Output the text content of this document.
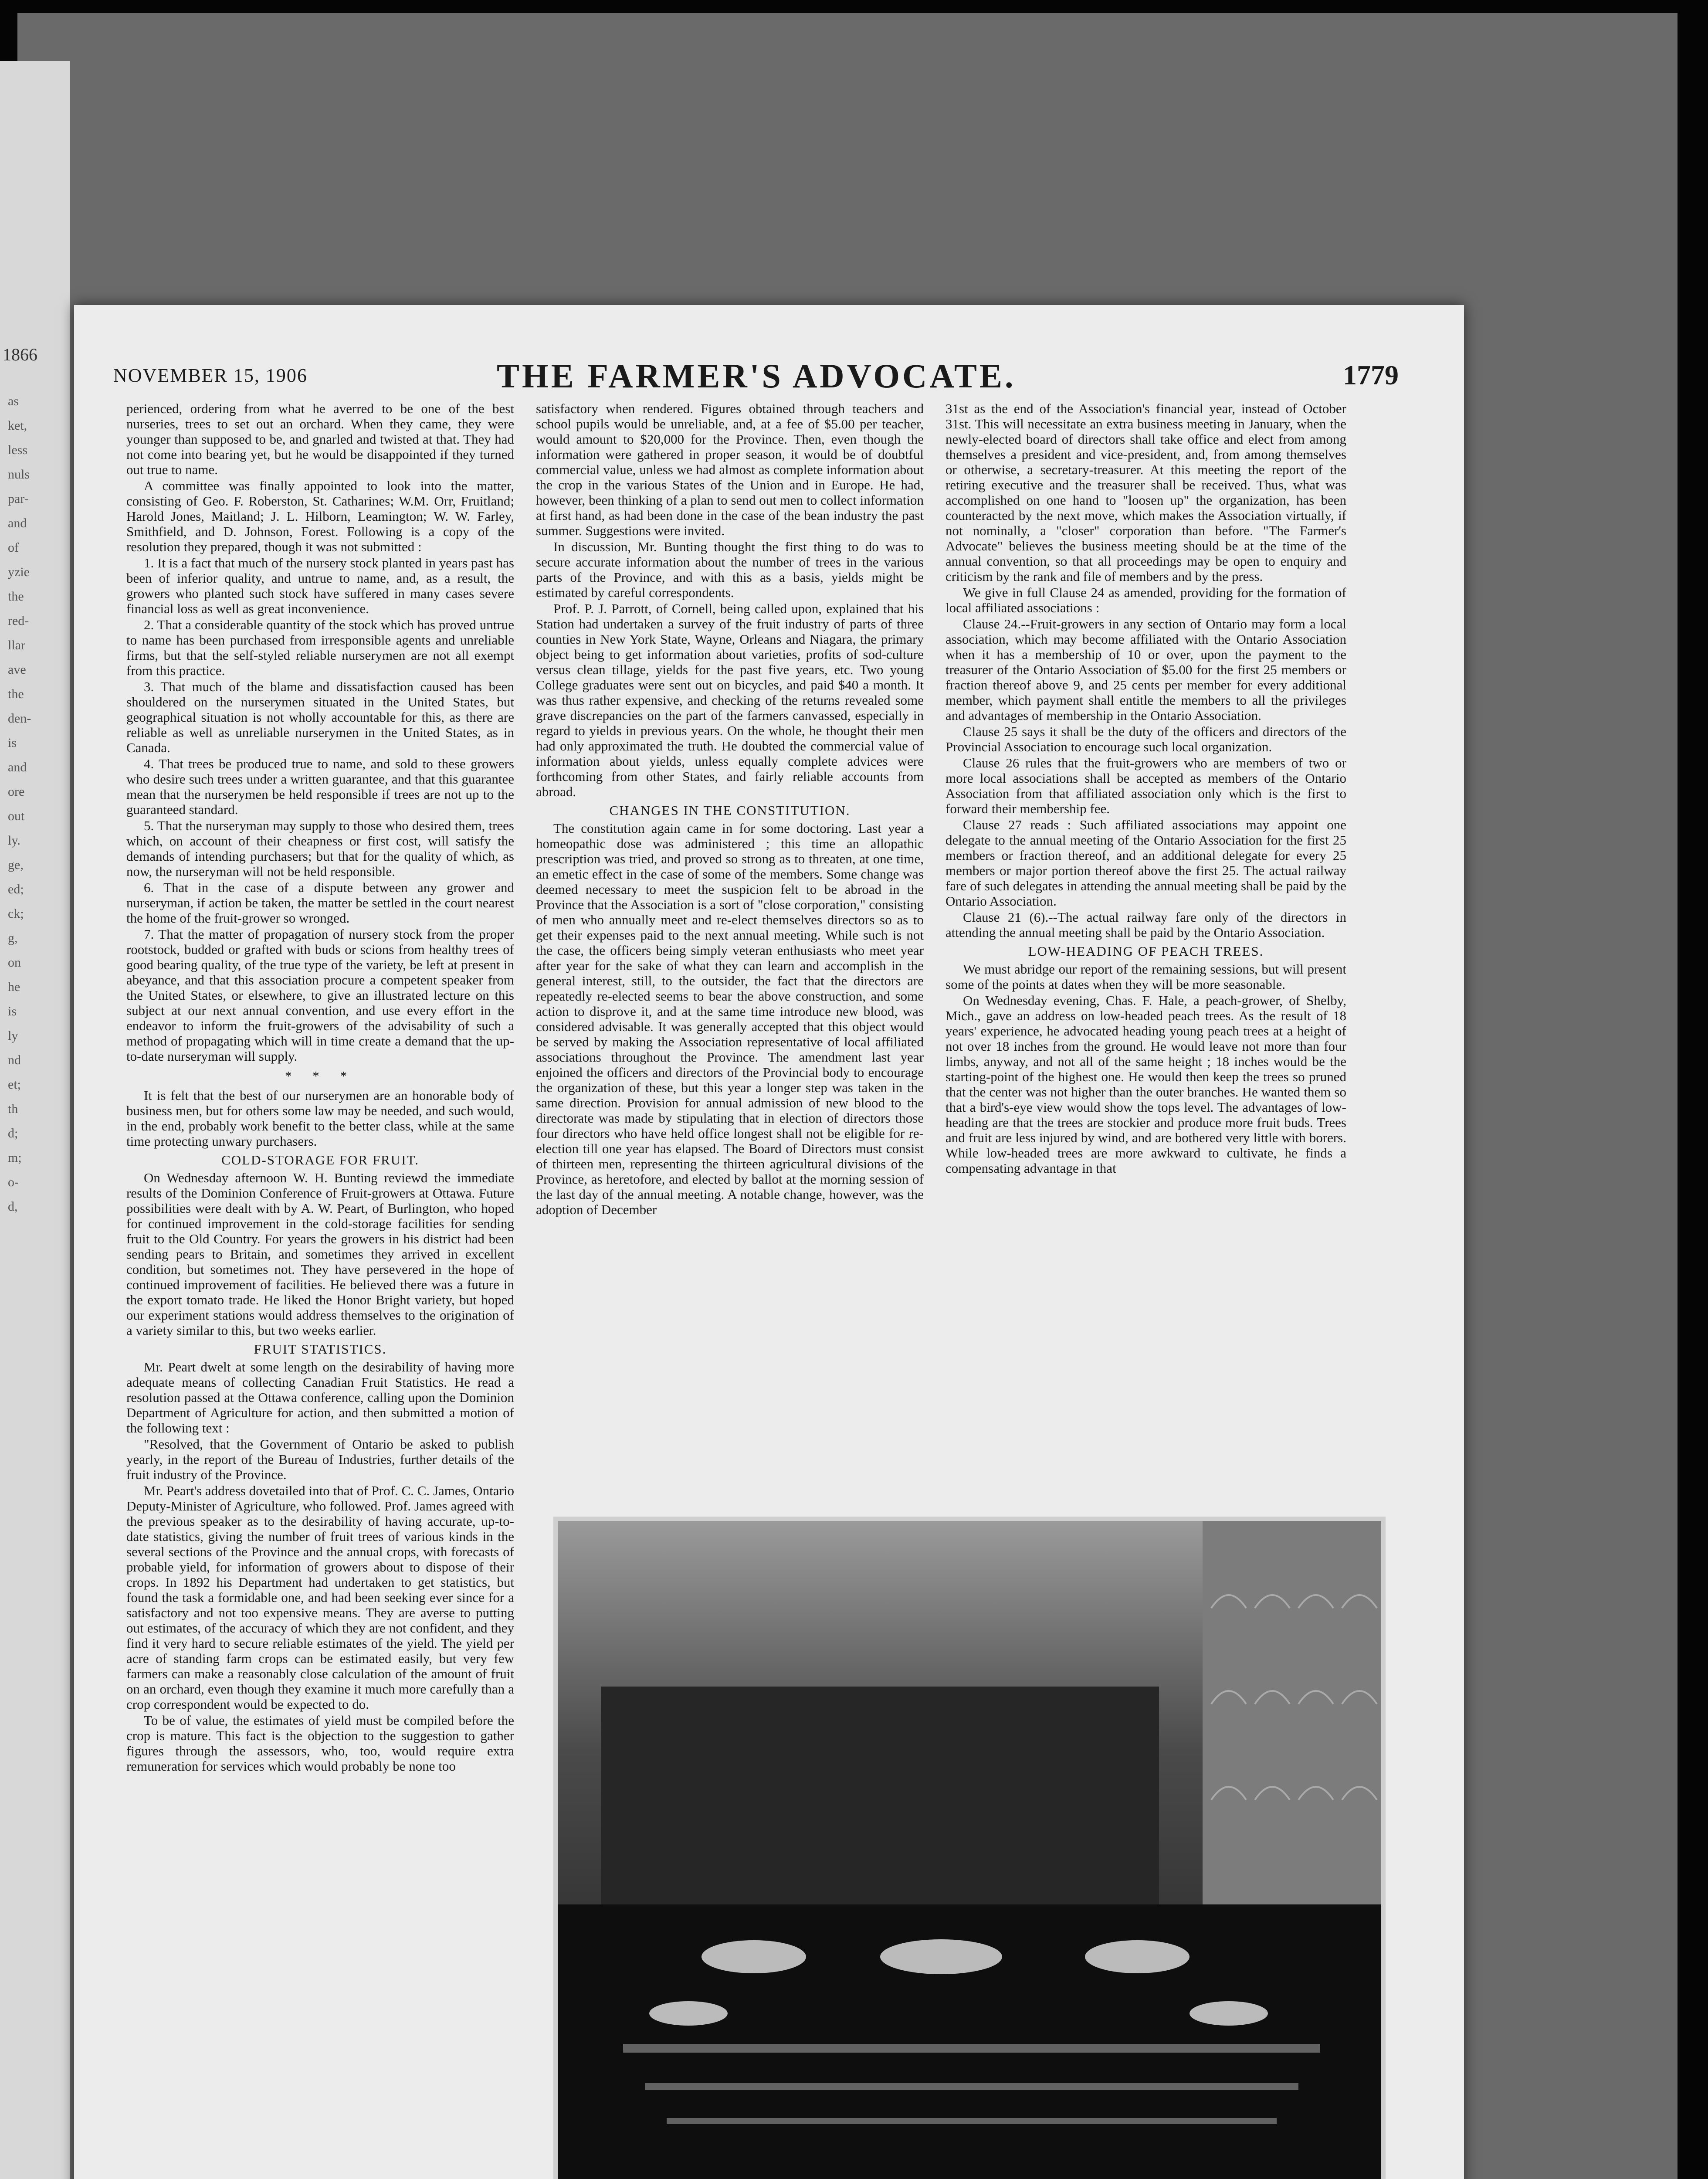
1866
as
ket,
less
nuls
par-
and
of
yzie
the
red-
llar
ave
the
den-
is
and
ore
out
ly.
ge,
ed;
ck;
g,
on
he
is
ly
nd
et;
th
d;
m;
o-
d,
NOVEMBER 15, 1906	THE FARMER'S ADVOCATE.	1779

perienced, ordering from what he averred to be one of the best nurseries, trees to set out an orchard. When they came, they were younger than supposed to be, and gnarled and twisted at that. They had not come into bearing yet, but he would be disappointed if they turned out true to name.

A committee was finally appointed to look into the matter, consisting of Geo. F. Roberston, St. Catharines; W.M. Orr, Fruitland; Harold Jones, Maitland; J. L. Hilborn, Leamington; W. W. Farley, Smithfield, and D. Johnson, Forest. Following is a copy of the resolution they prepared, though it was not submitted :

1. It is a fact that much of the nursery stock planted in years past has been of inferior quality, and untrue to name, and, as a result, the growers who planted such stock have suffered in many cases severe financial loss as well as great inconvenience.

2. That a considerable quantity of the stock which has proved untrue to name has been purchased from irresponsible agents and unreliable firms, but that the self-styled reliable nurserymen are not all exempt from this practice.

3. That much of the blame and dissatisfaction caused has been shouldered on the nurserymen situated in the United States, but geographical situation is not wholly accountable for this, as there are reliable as well as unreliable nurserymen in the United States, as in Canada.

4. That trees be produced true to name, and sold to these growers who desire such trees under a written guarantee, and that this guarantee mean that the nurserymen be held responsible if trees are not up to the guaranteed standard.

5. That the nurseryman may supply to those who desired them, trees which, on account of their cheapness or first cost, will satisfy the demands of intending purchasers; but that for the quality of which, as now, the nurseryman will not be held responsible.

6. That in the case of a dispute between any grower and nurseryman, if action be taken, the matter be settled in the court nearest the home of the fruit-grower so wronged.

7. That the matter of propagation of nursery stock from the proper rootstock, budded or grafted with buds or scions from healthy trees of good bearing quality, of the true type of the variety, be left at present in abeyance, and that this association procure a competent speaker from the United States, or elsewhere, to give an illustrated lecture on this subject at our next annual convention, and use every effort in the endeavor to inform the fruit-growers of the advisability of such a method of propagating which will in time create a demand that the up-to-date nurseryman will supply.

* * *

It is felt that the best of our nurserymen are an honorable body of business men, but for others some law may be needed, and such would, in the end, probably work benefit to the better class, while at the same time protecting unwary purchasers.

COLD-STORAGE FOR FRUIT.

On Wednesday afternoon W. H. Bunting reviewd the immediate results of the Dominion Conference of Fruit-growers at Ottawa. Future possibilities were dealt with by A. W. Peart, of Burlington, who hoped for continued improvement in the cold-storage facilities for sending fruit to the Old Country. For years the growers in his district had been sending pears to Britain, and sometimes they arrived in excellent condition, but sometimes not. They have persevered in the hope of continued improvement of facilities. He believed there was a future in the export tomato trade. He liked the Honor Bright variety, but hoped our experiment stations would address themselves to the origination of a variety similar to this, but two weeks earlier.

FRUIT STATISTICS.

Mr. Peart dwelt at some length on the desirability of having more adequate means of collecting Canadian Fruit Statistics. He read a resolution passed at the Ottawa conference, calling upon the Dominion Department of Agriculture for action, and then submitted a motion of the following text :

"Resolved, that the Government of Ontario be asked to publish yearly, in the report of the Bureau of Industries, further details of the fruit industry of the Province.

Mr. Peart's address dovetailed into that of Prof. C. C. James, Ontario Deputy-Minister of Agriculture, who followed. Prof. James agreed with the previous speaker as to the desirability of having accurate, up-to-date statistics, giving the number of fruit trees of various kinds in the several sections of the Province and the annual crops, with forecasts of probable yield, for information of growers about to dispose of their crops. In 1892 his Department had undertaken to get statistics, but found the task a formidable one, and had been seeking ever since for a satisfactory and not too expensive means. They are averse to putting out estimates, of the accuracy of which they are not confident, and they find it very hard to secure reliable estimates of the yield. The yield per acre of standing farm crops can be estimated easily, but very few farmers can make a reasonably close calculation of the amount of fruit on an orchard, even though they examine it much more carefully than a crop correspondent would be expected to do.

To be of value, the estimates of yield must be compiled before the crop is mature. This fact is the objection to the suggestion to gather figures through the assessors, who, too, would require extra remuneration for services which would probably be none too

satisfactory when rendered. Figures obtained through teachers and school pupils would be unreliable, and, at a fee of $5.00 per teacher, would amount to $20,000 for the Province. Then, even though the information were gathered in proper season, it would be of doubtful commercial value, unless we had almost as complete information about the crop in the various States of the Union and in Europe. He had, however, been thinking of a plan to send out men to collect information at first hand, as had been done in the case of the bean industry the past summer. Suggestions were invited.

In discussion, Mr. Bunting thought the first thing to do was to secure accurate information about the number of trees in the various parts of the Province, and with this as a basis, yields might be estimated by careful correspondents.

Prof. P. J. Parrott, of Cornell, being called upon, explained that his Station had undertaken a survey of the fruit industry of parts of three counties in New York State, Wayne, Orleans and Niagara, the primary object being to get information about varieties, profits of sod-culture versus clean tillage, yields for the past five years, etc. Two young College graduates were sent out on bicycles, and paid $40 a month. It was thus rather expensive, and checking of the returns revealed some grave discrepancies on the part of the farmers canvassed, especially in regard to yields in previous years. On the whole, he thought their men had only approximated the truth. He doubted the commercial value of information about yields, unless equally complete advices were forthcoming from other States, and fairly reliable accounts from abroad.

CHANGES IN THE CONSTITUTION.

The constitution again came in for some doctoring. Last year a homeopathic dose was administered ; this time an allopathic prescription was tried, and proved so strong as to threaten, at one time, an emetic effect in the case of some of the members. Some change was deemed necessary to meet the suspicion felt to be abroad in the Province that the Association is a sort of "close corporation," consisting of men who annually meet and re-elect themselves directors so as to get their expenses paid to the next annual meeting. While such is not the case, the officers being simply veteran enthusiasts who meet year after year for the sake of what they can learn and accomplish in the general interest, still, to the outsider, the fact that the directors are repeatedly re-elected seems to bear the above construction, and some action to disprove it, and at the same time introduce new blood, was considered advisable. It was generally accepted that this object would be served by making the Association representative of local affiliated associations throughout the Province. The amendment last year enjoined the officers and directors of the Provincial body to encourage the organization of these, but this year a longer step was taken in the same direction. Provision for annual admission of new blood to the directorate was made by stipulating that in election of directors those four directors who have held office longest shall not be eligible for re-election till one year has elapsed. The Board of Directors must consist of thirteen men, representing the thirteen agricultural divisions of the Province, as heretofore, and elected by ballot at the morning session of the last day of the annual meeting. A notable change, however, was the adoption of December

31st as the end of the Association's financial year, instead of October 31st. This will necessitate an extra business meeting in January, when the newly-elected board of directors shall take office and elect from among themselves a president and vice-president, and, from among themselves or otherwise, a secretary-treasurer. At this meeting the report of the retiring executive and the treasurer shall be received. Thus, what was accomplished on one hand to "loosen up" the organization, has been counteracted by the next move, which makes the Association virtually, if not nominally, a "closer" corporation than before. "The Farmer's Advocate" believes the business meeting should be at the time of the annual convention, so that all proceedings may be open to enquiry and criticism by the rank and file of members and by the press.

We give in full Clause 24 as amended, providing for the formation of local affiliated associations :

Clause 24.--Fruit-growers in any section of Ontario may form a local association, which may become affiliated with the Ontario Association when it has a membership of 10 or over, upon the payment to the treasurer of the Ontario Association of $5.00 for the first 25 members or fraction thereof above 9, and 25 cents per member for every additional member, which payment shall entitle the members to all the privileges and advantages of membership in the Ontario Association.

Clause 25 says it shall be the duty of the officers and directors of the Provincial Association to encourage such local organization.

Clause 26 rules that the fruit-growers who are members of two or more local associations shall be accepted as members of the Ontario Association from that affiliated association only which is the first to forward their membership fee.

Clause 27 reads : Such affiliated associations may appoint one delegate to the annual meeting of the Ontario Association for the first 25 members or fraction thereof, and an additional delegate for every 25 members or major portion thereof above the first 25. The actual railway fare of such delegates in attending the annual meeting shall be paid by the Ontario Association.

Clause 21 (6).--The actual railway fare only of the directors in attending the annual meeting shall be paid by the Ontario Association.

LOW-HEADING OF PEACH TREES.

We must abridge our report of the remaining sessions, but will present some of the points at dates when they will be more seasonable.

On Wednesday evening, Chas. F. Hale, a peach-grower, of Shelby, Mich., gave an address on low-headed peach trees. As the result of 18 years' experience, he advocated heading young peach trees at a height of not over 18 inches from the ground. He would leave not more than four limbs, anyway, and not all of the same height ; 18 inches would be the starting-point of the highest one. He would then keep the trees so pruned that the center was not higher than the outer branches. He wanted them so that a bird's-eye view would show the tops level. The advantages of low-heading are that the trees are stockier and produce more fruit buds. Trees and fruit are less injured by wind, and are bothered very little with borers. While low-headed trees are more awkward to cultivate, he finds a compensating advantage in that
